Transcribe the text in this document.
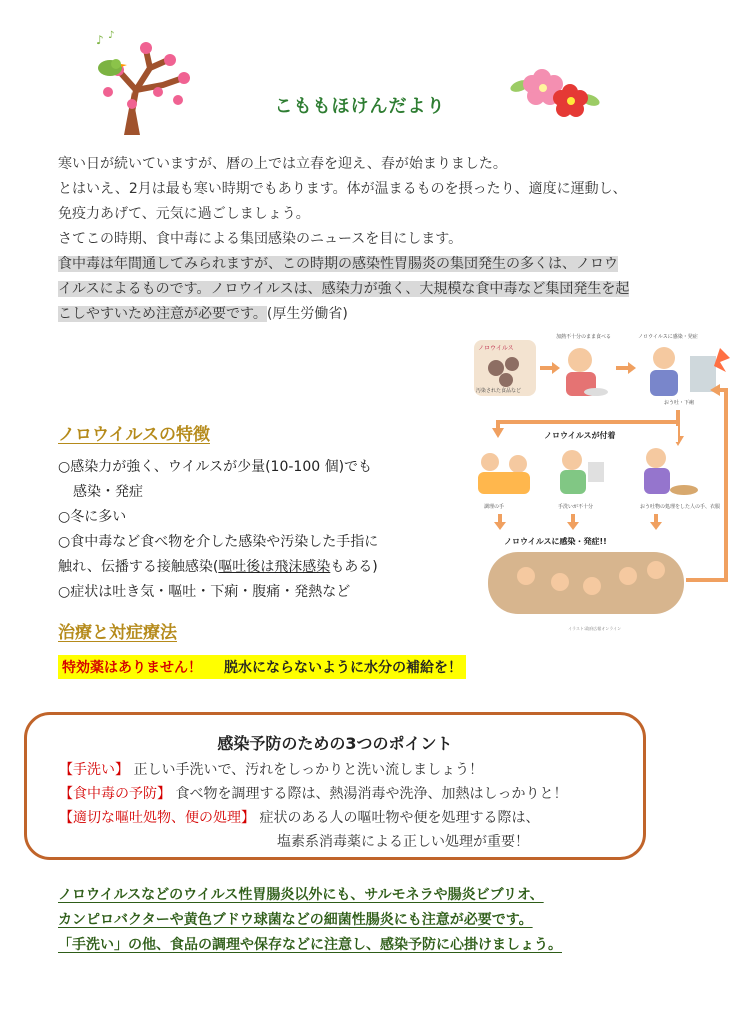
♪ ♪
こももほけんだより
寒い日が続いていますが、暦の上では立春を迎え、春が始まりました。
とはいえ、2月は最も寒い時期でもあります。体が温まるものを摂ったり、適度に運動し、
免疫力あげて、元気に過ごしましょう。
さてこの時期、食中毒による集団感染のニュースを目にします。
食中毒は年間通してみられますが、この時期の感染性胃腸炎の集団発生の多くは、ノロウ
イルスによるものです。ノロウイルスは、感染力が強く、大規模な食中毒など集団発生を起
こしやすいため注意が必要です。(厚生労働省)
ノロウイルス
汚染された食品など
加熱不十分のまま食べる	ノロウイルスに感染・発症
おう吐・下痢
ノロウイルスが付着
調理の手	手洗いが不十分	おう吐物の処理をした人の手、衣服
ノロウイルスに感染・発症!!
イラスト:政府広報オンライン
ノロウイルスの特徴
○感染力が強く、ウイルスが少量(10-100 個)でも
感染・発症
○冬に多い
○食中毒など食べ物を介した感染や汚染した手指に
触れ、伝播する接触感染(嘔吐後は飛沫感染もある)
○症状は吐き気・嘔吐・下痢・腹痛・発熱など
治療と対症療法
特効薬はありません！ 脱水にならないように水分の補給を！
感染予防のための3つのポイント
【手洗い】 正しい手洗いで、汚れをしっかりと洗い流しましょう！
【食中毒の予防】 食べ物を調理する際は、熱湯消毒や洗浄、加熱はしっかりと！
【適切な嘔吐処物、便の処理】 症状のある人の嘔吐物や便を処理する際は、
塩素系消毒薬による正しい処理が重要！
ノロウイルスなどのウイルス性胃腸炎以外にも、サルモネラや腸炎ビブリオ、
カンピロバクターや黄色ブドウ球菌などの細菌性腸炎にも注意が必要です。
「手洗い」の他、食品の調理や保存などに注意し、感染予防に心掛けましょう。
